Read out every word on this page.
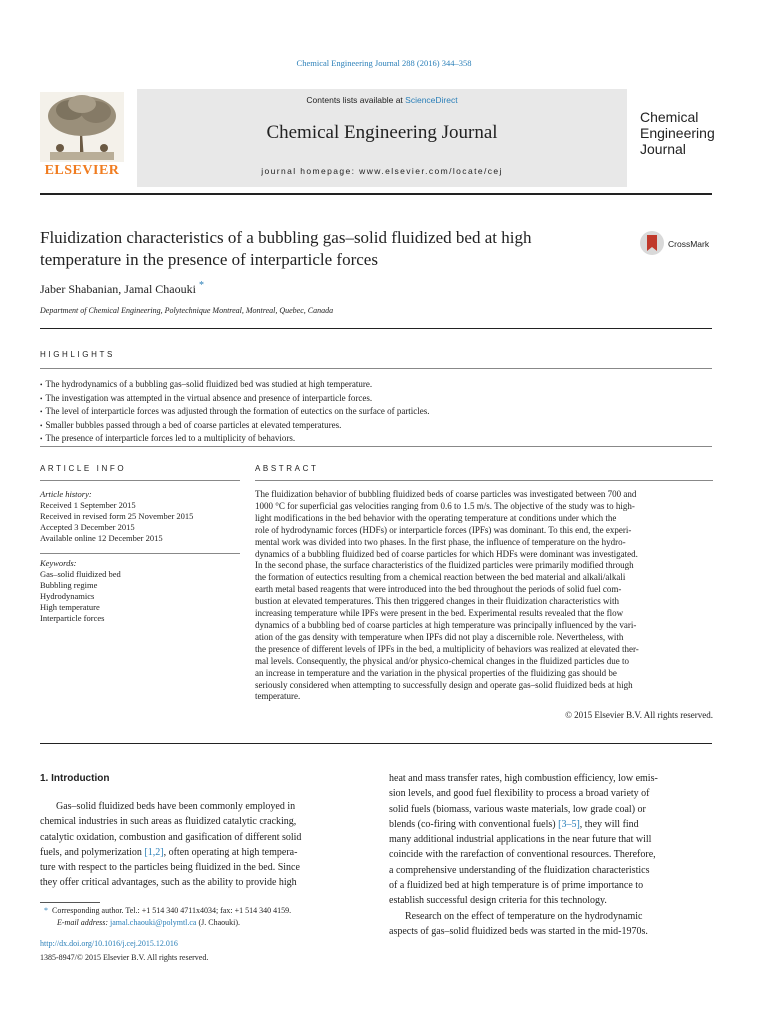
Chemical Engineering Journal 288 (2016) 344–358
ELSEVIER
Contents lists available at ScienceDirect
Chemical Engineering Journal
journal homepage: www.elsevier.com/locate/cej
Chemical
Engineering
Journal
Fluidization characteristics of a bubbling gas–solid fluidized bed at high
temperature in the presence of interparticle forces
CrossMark
Jaber Shabanian, Jamal Chaouki *
Department of Chemical Engineering, Polytechnique Montreal, Montreal, Quebec, Canada
HIGHLIGHTS
• The hydrodynamics of a bubbling gas–solid fluidized bed was studied at high temperature.
• The investigation was attempted in the virtual absence and presence of interparticle forces.
• The level of interparticle forces was adjusted through the formation of eutectics on the surface of particles.
• Smaller bubbles passed through a bed of coarse particles at elevated temperatures.
• The presence of interparticle forces led to a multiplicity of behaviors.
ARTICLE INFO
Article history:
Received 1 September 2015
Received in revised form 25 November 2015
Accepted 3 December 2015
Available online 12 December 2015
Keywords:
Gas–solid fluidized bed
Bubbling regime
Hydrodynamics
High temperature
Interparticle forces
ABSTRACT
The fluidization behavior of bubbling fluidized beds of coarse particles was investigated between 700 and
1000 °C for superficial gas velocities ranging from 0.6 to 1.5 m/s. The objective of the study was to high-
light modifications in the bed behavior with the operating temperature at conditions under which the
role of hydrodynamic forces (HDFs) or interparticle forces (IPFs) was dominant. To this end, the experi-
mental work was divided into two phases. In the first phase, the influence of temperature on the hydro-
dynamics of a bubbling fluidized bed of coarse particles for which HDFs were dominant was investigated.
In the second phase, the surface characteristics of the fluidized particles were primarily modified through
the formation of eutectics resulting from a chemical reaction between the bed material and alkali/alkali
earth metal based reagents that were introduced into the bed throughout the periods of solid fuel com-
bustion at elevated temperatures. This then triggered changes in their fluidization characteristics with
increasing temperature while IPFs were present in the bed. Experimental results revealed that the flow
dynamics of a bubbling bed of coarse particles at high temperature was principally influenced by the vari-
ation of the gas density with temperature when IPFs did not play a discernible role. Nevertheless, with
the presence of different levels of IPFs in the bed, a multiplicity of behaviors was realized at elevated ther-
mal levels. Consequently, the physical and/or physico-chemical changes in the fluidized particles due to
an increase in temperature and the variation in the physical properties of the fluidizing gas should be
seriously considered when attempting to successfully design and operate gas–solid fluidized beds at high
temperature.
© 2015 Elsevier B.V. All rights reserved.
1. Introduction
Gas–solid fluidized beds have been commonly employed in
chemical industries in such areas as fluidized catalytic cracking,
catalytic oxidation, combustion and gasification of different solid
fuels, and polymerization [1,2], often operating at high tempera-
ture with respect to the particles being fluidized in the bed. Since
they offer critical advantages, such as the ability to provide high
heat and mass transfer rates, high combustion efficiency, low emis-
sion levels, and good fuel flexibility to process a broad variety of
solid fuels (biomass, various waste materials, low grade coal) or
blends (co-firing with conventional fuels) [3–5], they will find
many additional industrial applications in the near future that will
coincide with the rarefaction of conventional resources. Therefore,
a comprehensive understanding of the fluidization characteristics
of a fluidized bed at high temperature is of prime importance to
establish successful design criteria for this technology.
Research on the effect of temperature on the hydrodynamic
aspects of gas–solid fluidized beds was started in the mid-1970s.
* Corresponding author. Tel.: +1 514 340 4711x4034; fax: +1 514 340 4159.
E-mail address: jamal.chaouki@polymtl.ca (J. Chaouki).
http://dx.doi.org/10.1016/j.cej.2015.12.016
1385-8947/© 2015 Elsevier B.V. All rights reserved.
